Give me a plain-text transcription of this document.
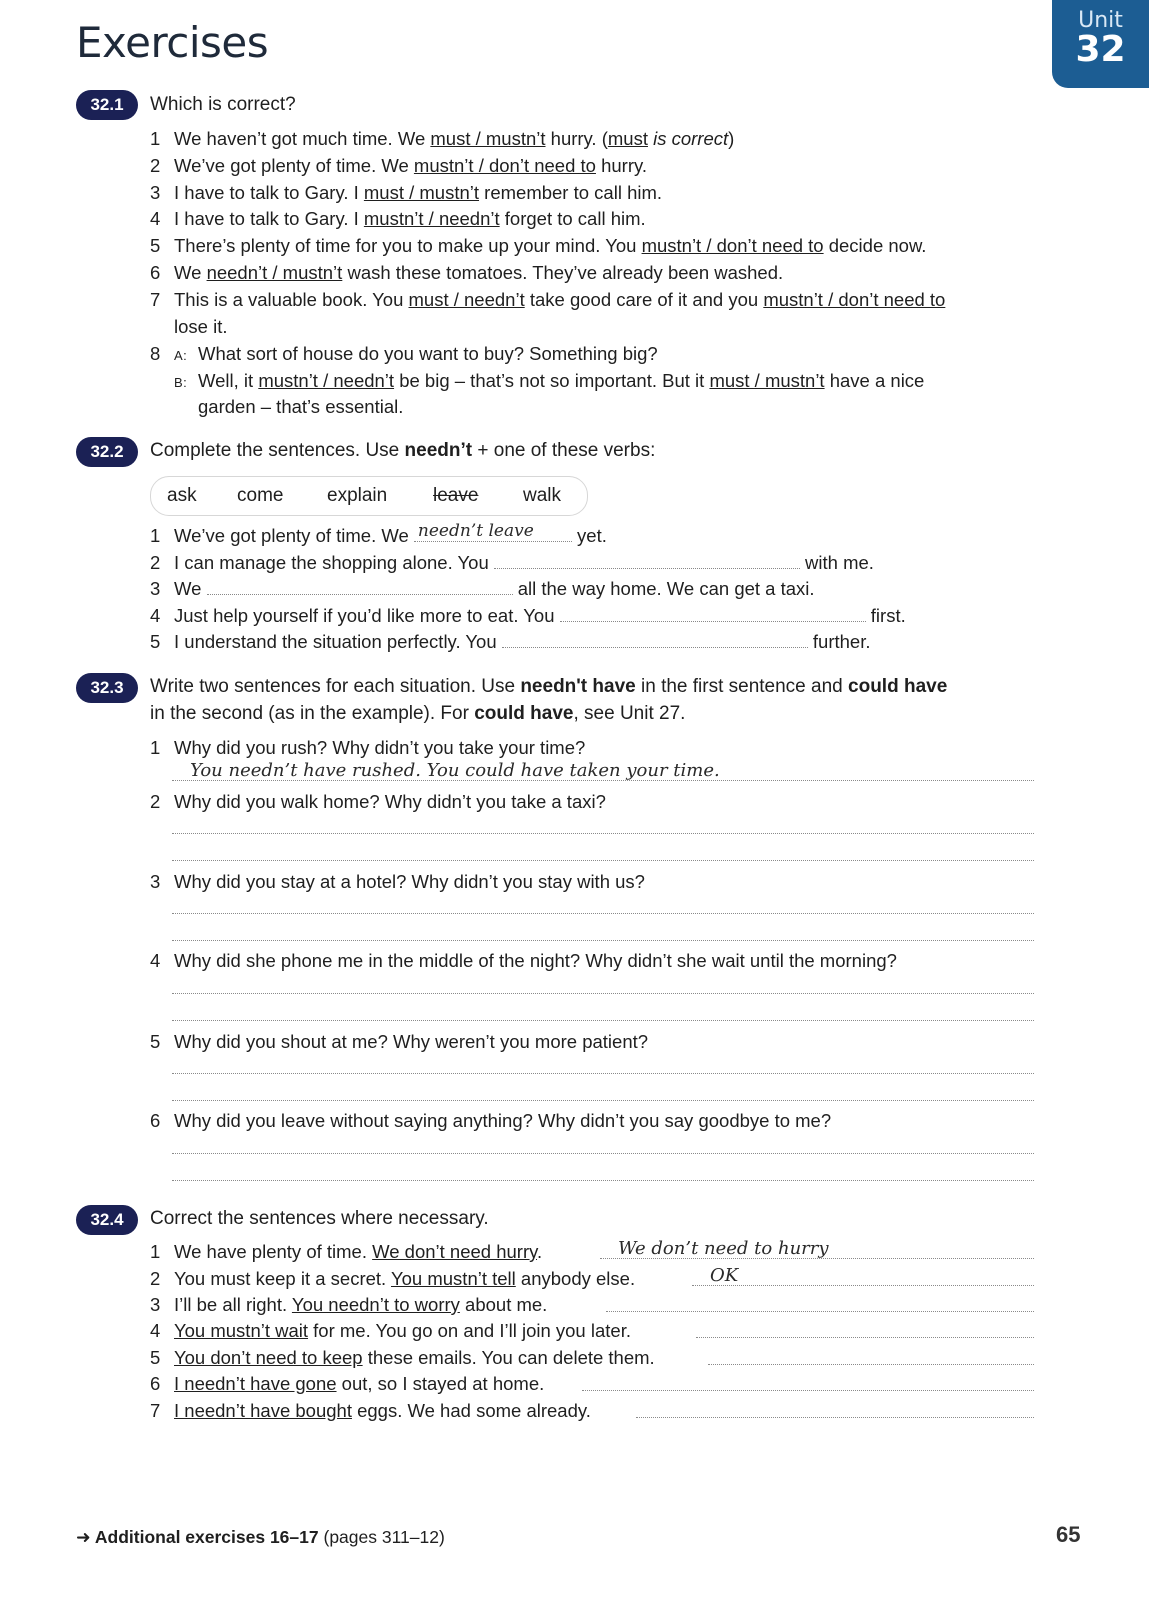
Exercises	Unit
32
32.1	Which is correct?
1 We haven’t got much time. We must / mustn’t hurry. (must is correct)
2 We’ve got plenty of time. We mustn’t / don’t need to hurry.
3 I have to talk to Gary. I must / mustn’t remember to call him.
4 I have to talk to Gary. I mustn’t / needn’t forget to call him.
5 There’s plenty of time for you to make up your mind. You mustn’t / don’t need to decide now.
6 We needn’t / mustn’t wash these tomatoes. They’ve already been washed.
7 This is a valuable book. You must / needn’t take good care of it and you mustn’t / don’t need to
lose it.
8 A: What sort of house do you want to buy? Something big?
B: Well, it mustn’t / needn’t be big – that’s not so important. But it must / mustn’t have a nice
garden – that’s essential.
32.2	Complete the sentences. Use needn’t + one of these verbs:
ask come explain leave walk
1 We’ve got plenty of time. We needn’t leave yet.
2 I can manage the shopping alone. You	with me.
3 We	all the way home. We can get a taxi.
4 Just help yourself if you’d like more to eat. You	first.
5 I understand the situation perfectly. You	further.
32.3	Write two sentences for each situation. Use needn't have in the first sentence and could have
in the second (as in the example). For could have, see Unit 27.
1 Why did you rush? Why didn’t you take your time?
You needn’t have rushed. You could have taken your time.
2 Why did you walk home? Why didn’t you take a taxi?
3 Why did you stay at a hotel? Why didn’t you stay with us?
4 Why did she phone me in the middle of the night? Why didn’t she wait until the morning?
5 Why did you shout at me? Why weren’t you more patient?
6 Why did you leave without saying anything? Why didn’t you say goodbye to me?
32.4	Correct the sentences where necessary.
1 We have plenty of time. We don’t need hurry.	We don’t need to hurry
2 You must keep it a secret. You mustn’t tell anybody else.	OK
3 I’ll be all right. You needn’t to worry about me.
4 You mustn’t wait for me. You go on and I’ll join you later.
5 You don’t need to keep these emails. You can delete them.
6 I needn’t have gone out, so I stayed at home.
7 I needn’t have bought eggs. We had some already.
➜ Additional exercises 16–17 (pages 311–12)	65
